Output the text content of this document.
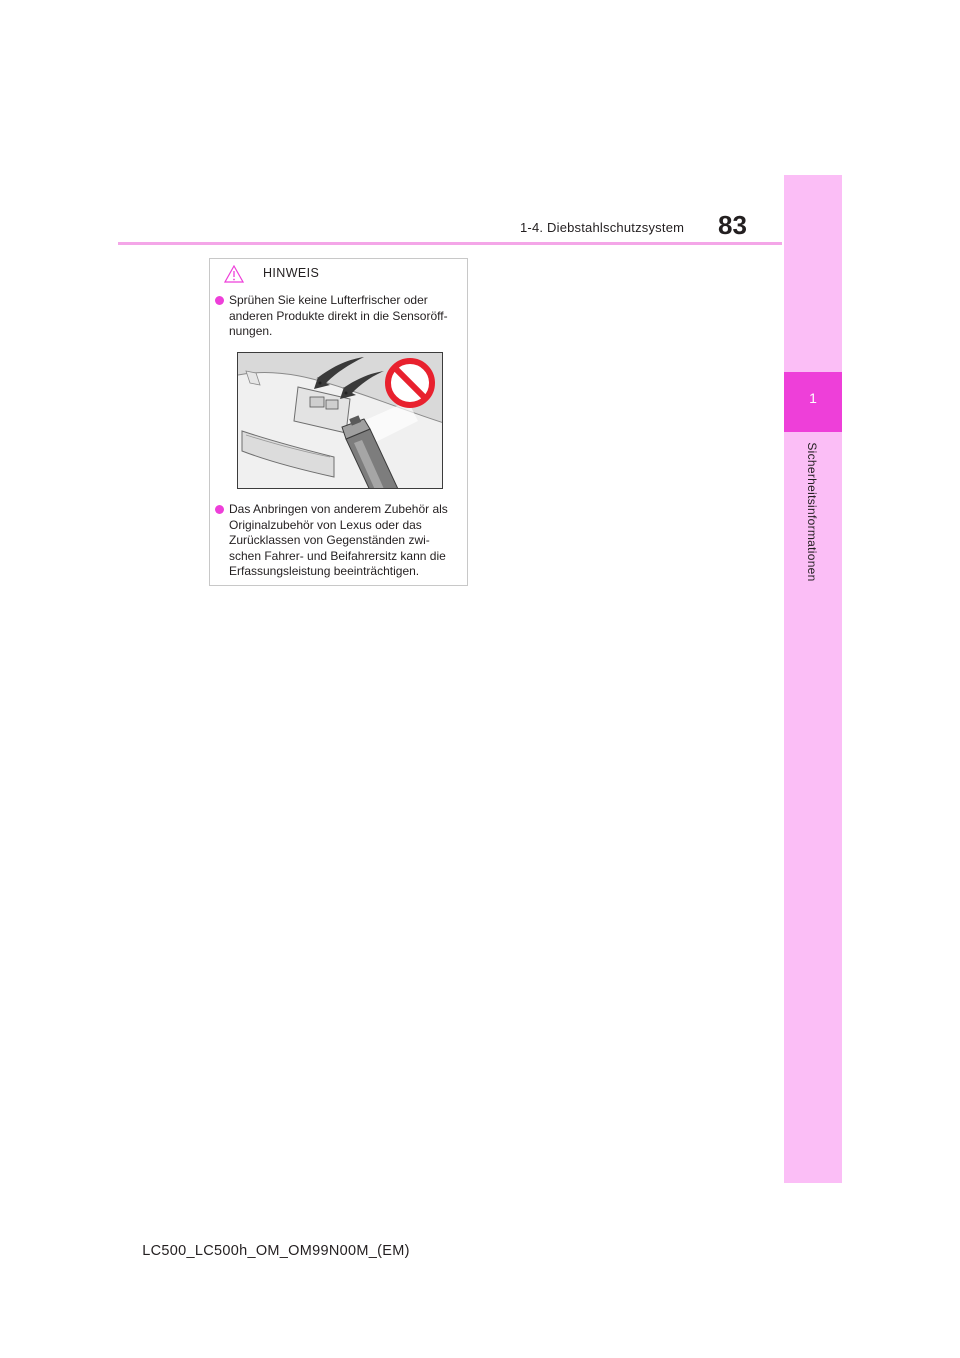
1-4. Diebstahlschutzsystem 83
1
Sicherheitsinformationen
HINWEIS
Sprühen Sie keine Lufterfrischer oder
anderen Produkte direkt in die Sensoröff-
nungen.
Das Anbringen von anderem Zubehör als
Originalzubehör von Lexus oder das
Zurücklassen von Gegenständen zwi-
schen Fahrer- und Beifahrersitz kann die
Erfassungsleistung beeinträchtigen.
LC500_LC500h_OM_OM99N00M_(EM)
